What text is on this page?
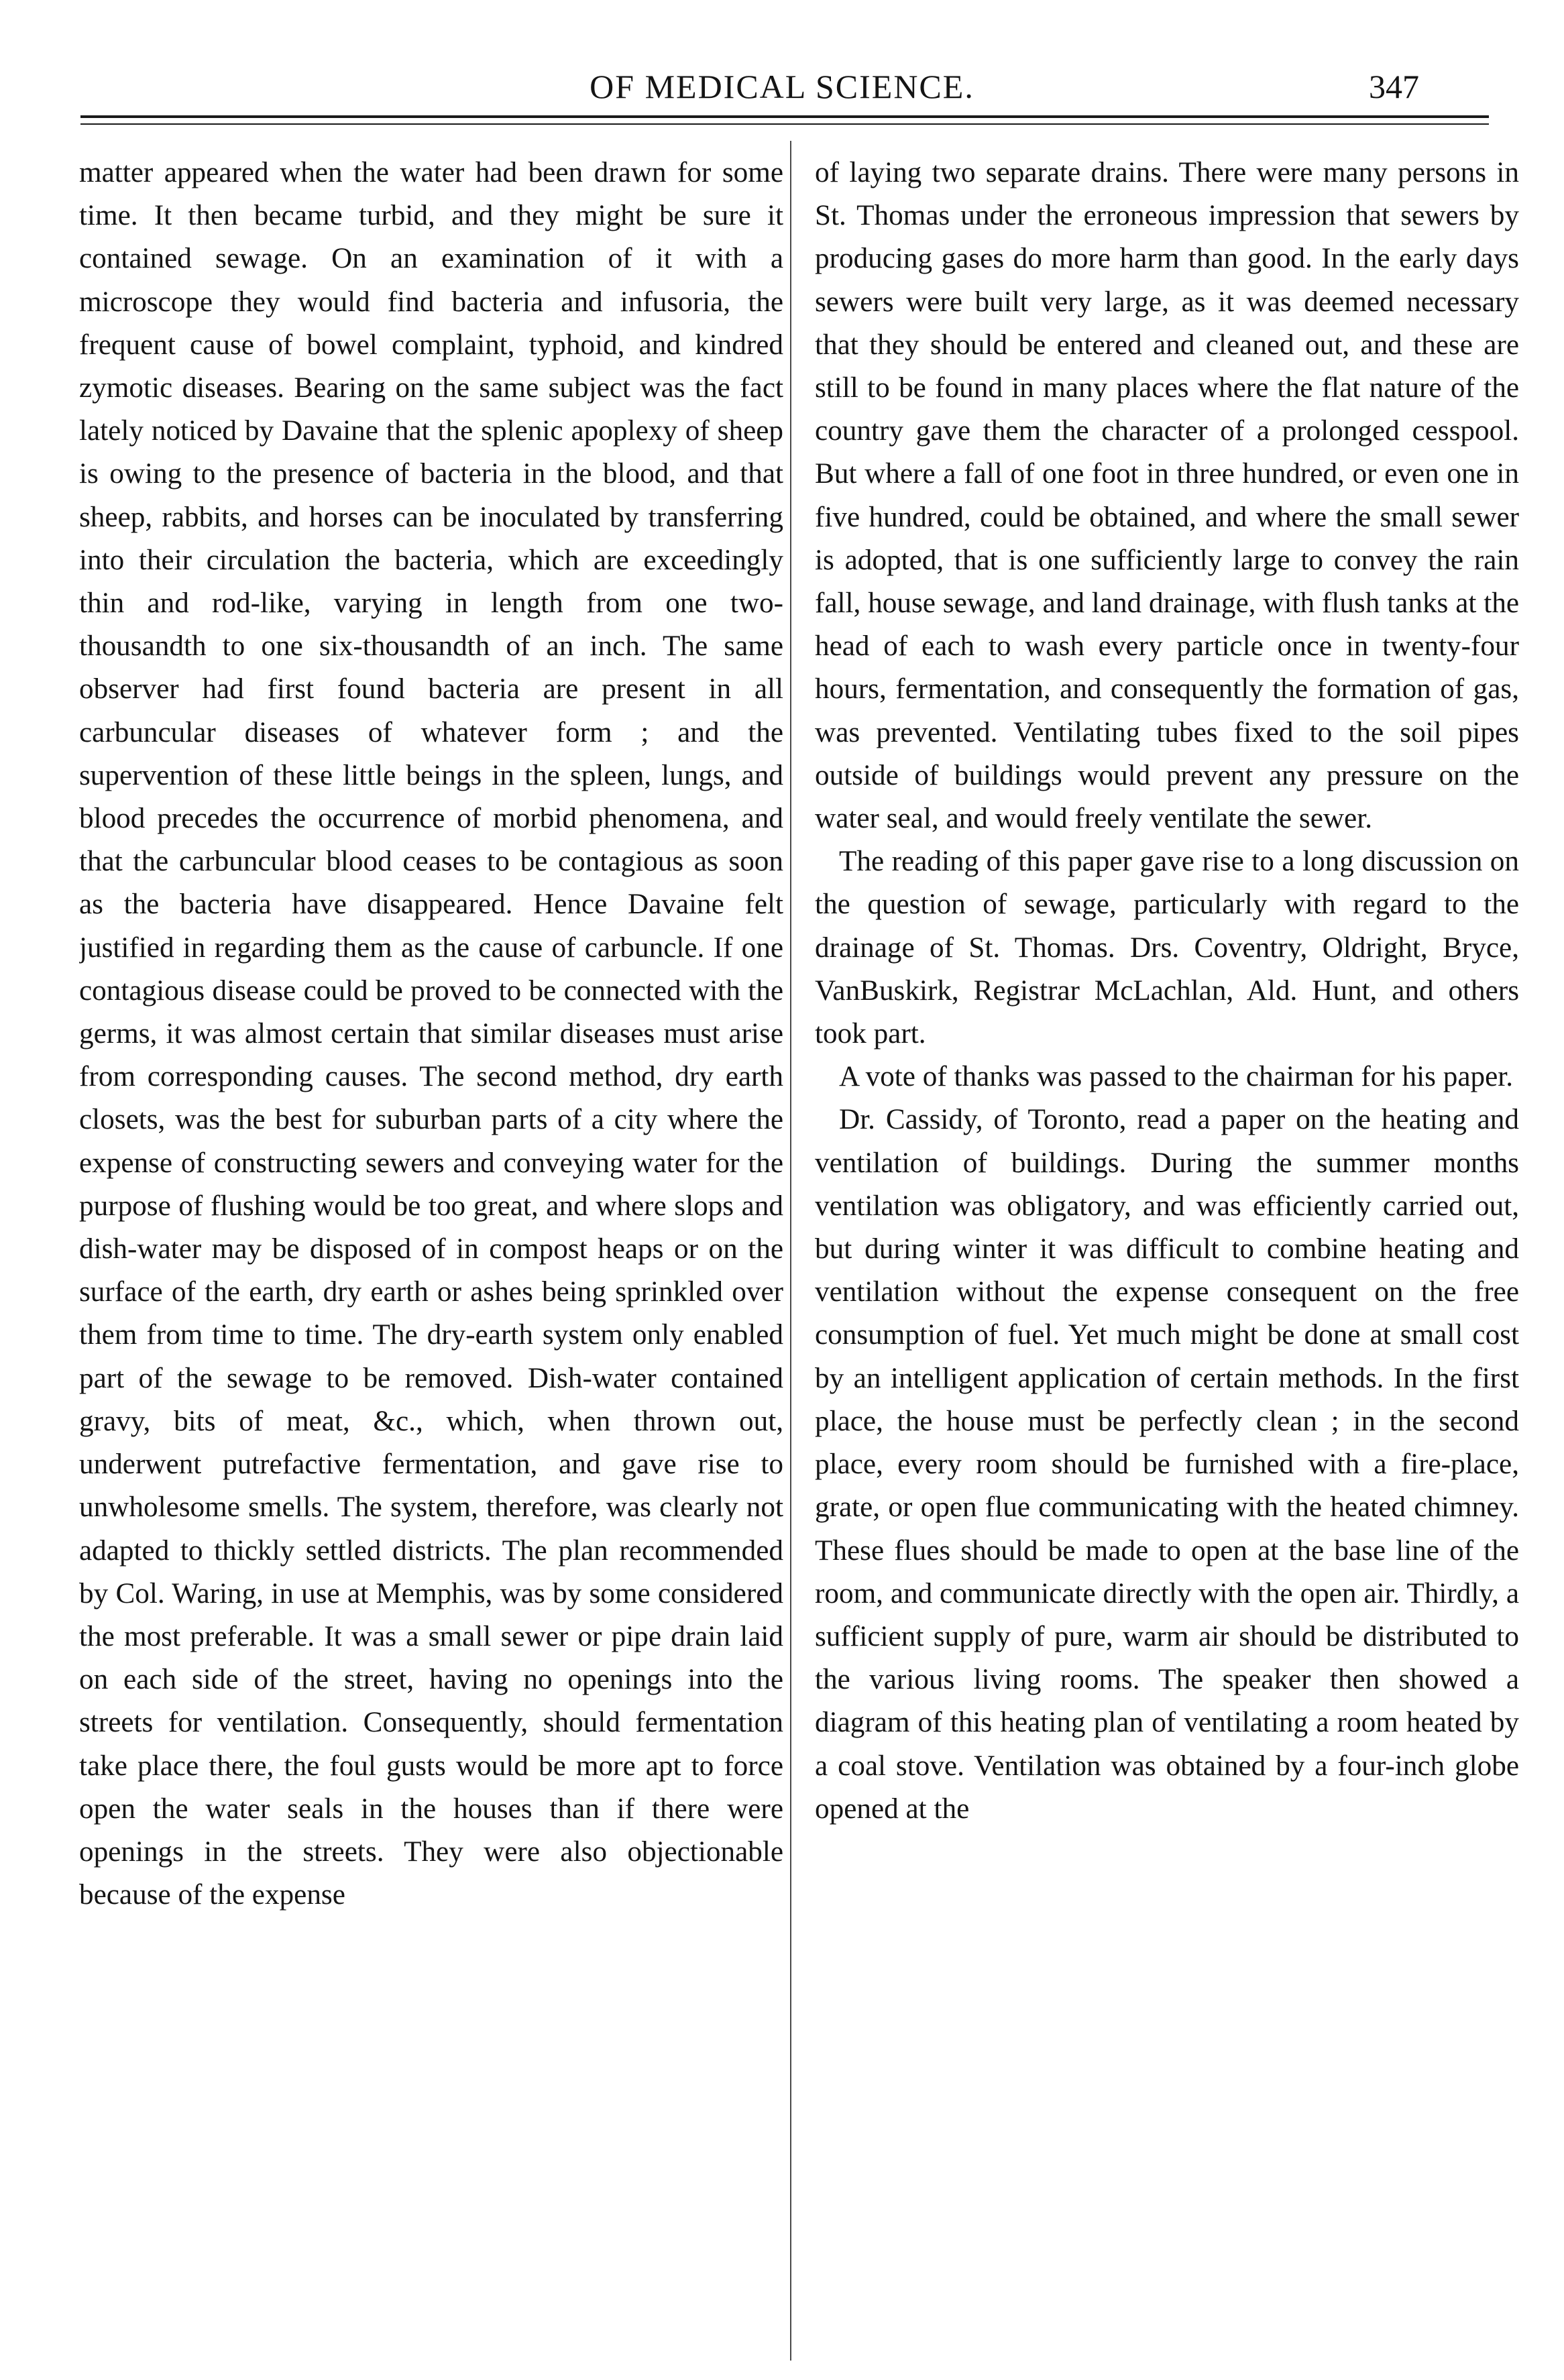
OF MEDICAL SCIENCE.	347

matter appeared when the water had been drawn for some time. It then became turbid, and they might be sure it contained sewage. On an examination of it with a microscope they would find bacteria and infusoria, the frequent cause of bowel complaint, typhoid, and kindred zymotic diseases. Bearing on the same subject was the fact lately noticed by Davaine that the splenic apoplexy of sheep is owing to the presence of bacteria in the blood, and that sheep, rabbits, and horses can be inoculated by transferring into their circulation the bacteria, which are exceedingly thin and rod-like, varying in length from one two-thousandth to one six-thousandth of an inch. The same observer had first found bacteria are present in all carbuncular diseases of whatever form ; and the supervention of these little beings in the spleen, lungs, and blood precedes the occurrence of morbid phenomena, and that the carbuncular blood ceases to be contagious as soon as the bacteria have disappeared. Hence Davaine felt justified in regarding them as the cause of carbuncle. If one contagious disease could be proved to be connected with the germs, it was almost certain that similar diseases must arise from corresponding causes. The second method, dry earth closets, was the best for suburban parts of a city where the expense of constructing sewers and conveying water for the purpose of flushing would be too great, and where slops and dish-water may be disposed of in compost heaps or on the surface of the earth, dry earth or ashes being sprinkled over them from time to time. The dry-earth system only enabled part of the sewage to be removed. Dish-water contained gravy, bits of meat, &c., which, when thrown out, underwent putrefactive fermentation, and gave rise to unwholesome smells. The system, therefore, was clearly not adapted to thickly settled districts. The plan recommended by Col. Waring, in use at Memphis, was by some considered the most preferable. It was a small sewer or pipe drain laid on each side of the street, having no openings into the streets for ventilation. Consequently, should fermentation take place there, the foul gusts would be more apt to force open the water seals in the houses than if there were openings in the streets. They were also objectionable because of the expense

of laying two separate drains. There were many persons in St. Thomas under the erroneous impression that sewers by producing gases do more harm than good. In the early days sewers were built very large, as it was deemed necessary that they should be entered and cleaned out, and these are still to be found in many places where the flat nature of the country gave them the character of a prolonged cesspool. But where a fall of one foot in three hundred, or even one in five hundred, could be obtained, and where the small sewer is adopted, that is one sufficiently large to convey the rain fall, house sewage, and land drainage, with flush tanks at the head of each to wash every particle once in twenty-four hours, fermentation, and consequently the formation of gas, was prevented. Ventilating tubes fixed to the soil pipes outside of buildings would prevent any pressure on the water seal, and would freely ventilate the sewer.

The reading of this paper gave rise to a long discussion on the question of sewage, particularly with regard to the drainage of St. Thomas. Drs. Coventry, Oldright, Bryce, VanBuskirk, Registrar McLachlan, Ald. Hunt, and others took part.

A vote of thanks was passed to the chairman for his paper.

Dr. Cassidy, of Toronto, read a paper on the heating and ventilation of buildings. During the summer months ventilation was obligatory, and was efficiently carried out, but during winter it was difficult to combine heating and ventilation without the expense consequent on the free consumption of fuel. Yet much might be done at small cost by an intelligent application of certain methods. In the first place, the house must be perfectly clean ; in the second place, every room should be furnished with a fire-place, grate, or open flue communicating with the heated chimney. These flues should be made to open at the base line of the room, and communicate directly with the open air. Thirdly, a sufficient supply of pure, warm air should be distributed to the various living rooms. The speaker then showed a diagram of this heating plan of ventilating a room heated by a coal stove. Ventilation was obtained by a four-inch globe opened at the
